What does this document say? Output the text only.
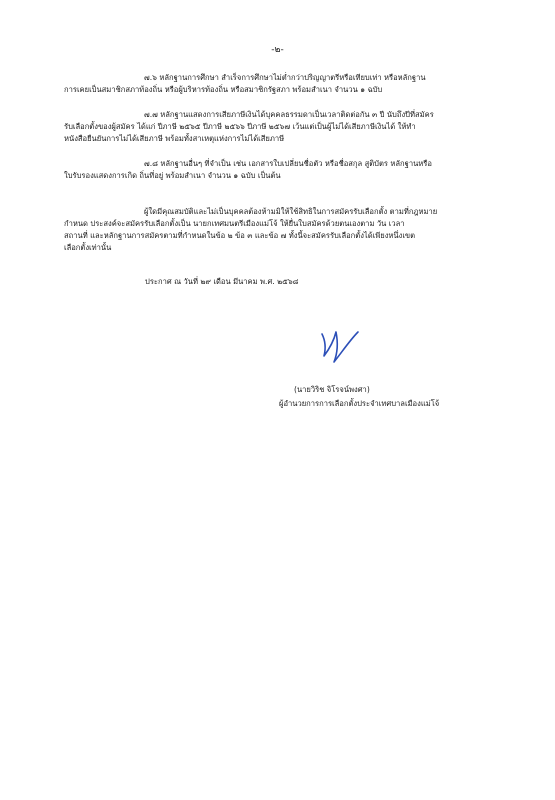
-๒-
๗.๖ หลักฐานการศึกษา สำเร็จการศึกษาไม่ต่ำกว่าปริญญาตรีหรือเทียบเท่า หรือหลักฐาน
การเคยเป็นสมาชิกสภาท้องถิ่น หรือผู้บริหารท้องถิ่น หรือสมาชิกรัฐสภา พร้อมสำเนา จำนวน ๑ ฉบับ
๗.๗ หลักฐานแสดงการเสียภาษีเงินได้บุคคลธรรมดาเป็นเวลาติดต่อกัน ๓ ปี นับถึงปีที่สมัคร
รับเลือกตั้งของผู้สมัคร ได้แก่ ปีภาษี ๒๕๖๕ ปีภาษี ๒๕๖๖ ปีภาษี ๒๕๖๗ เว้นแต่เป็นผู้ไม่ได้เสียภาษีเงินได้ ให้ทำ
หนังสือยืนยันการไม่ได้เสียภาษี พร้อมทั้งสาเหตุแห่งการไม่ได้เสียภาษี
๗.๘ หลักฐานอื่นๆ ที่จำเป็น เช่น เอกสารใบเปลี่ยนชื่อตัว หรือชื่อสกุล สูติบัตร หลักฐานหรือ
ใบรับรองแสดงการเกิด ถิ่นที่อยู่ พร้อมสำเนา จำนวน ๑ ฉบับ เป็นต้น
ผู้ใดมีคุณสมบัติและไม่เป็นบุคคลต้องห้ามมิให้ใช้สิทธิในการสมัครรับเลือกตั้ง ตามที่กฎหมาย
กำหนด ประสงค์จะสมัครรับเลือกตั้งเป็น นายกเทศมนตรีเมืองแม่โจ้ ให้ยื่นใบสมัครด้วยตนเองตาม วัน เวลา
สถานที่ และหลักฐานการสมัครตามที่กำหนดในข้อ ๒ ข้อ ๓ และข้อ ๗ ทั้งนี้จะสมัครรับเลือกตั้งได้เพียงหนึ่งเขต
เลือกตั้งเท่านั้น
ประกาศ ณ วันที่ ๒๙ เดือน มีนาคม พ.ศ. ๒๕๖๘
(นายวิริช จิโรจน์พงศา)
ผู้อำนวยการการเลือกตั้งประจำเทศบาลเมืองแม่โจ้
